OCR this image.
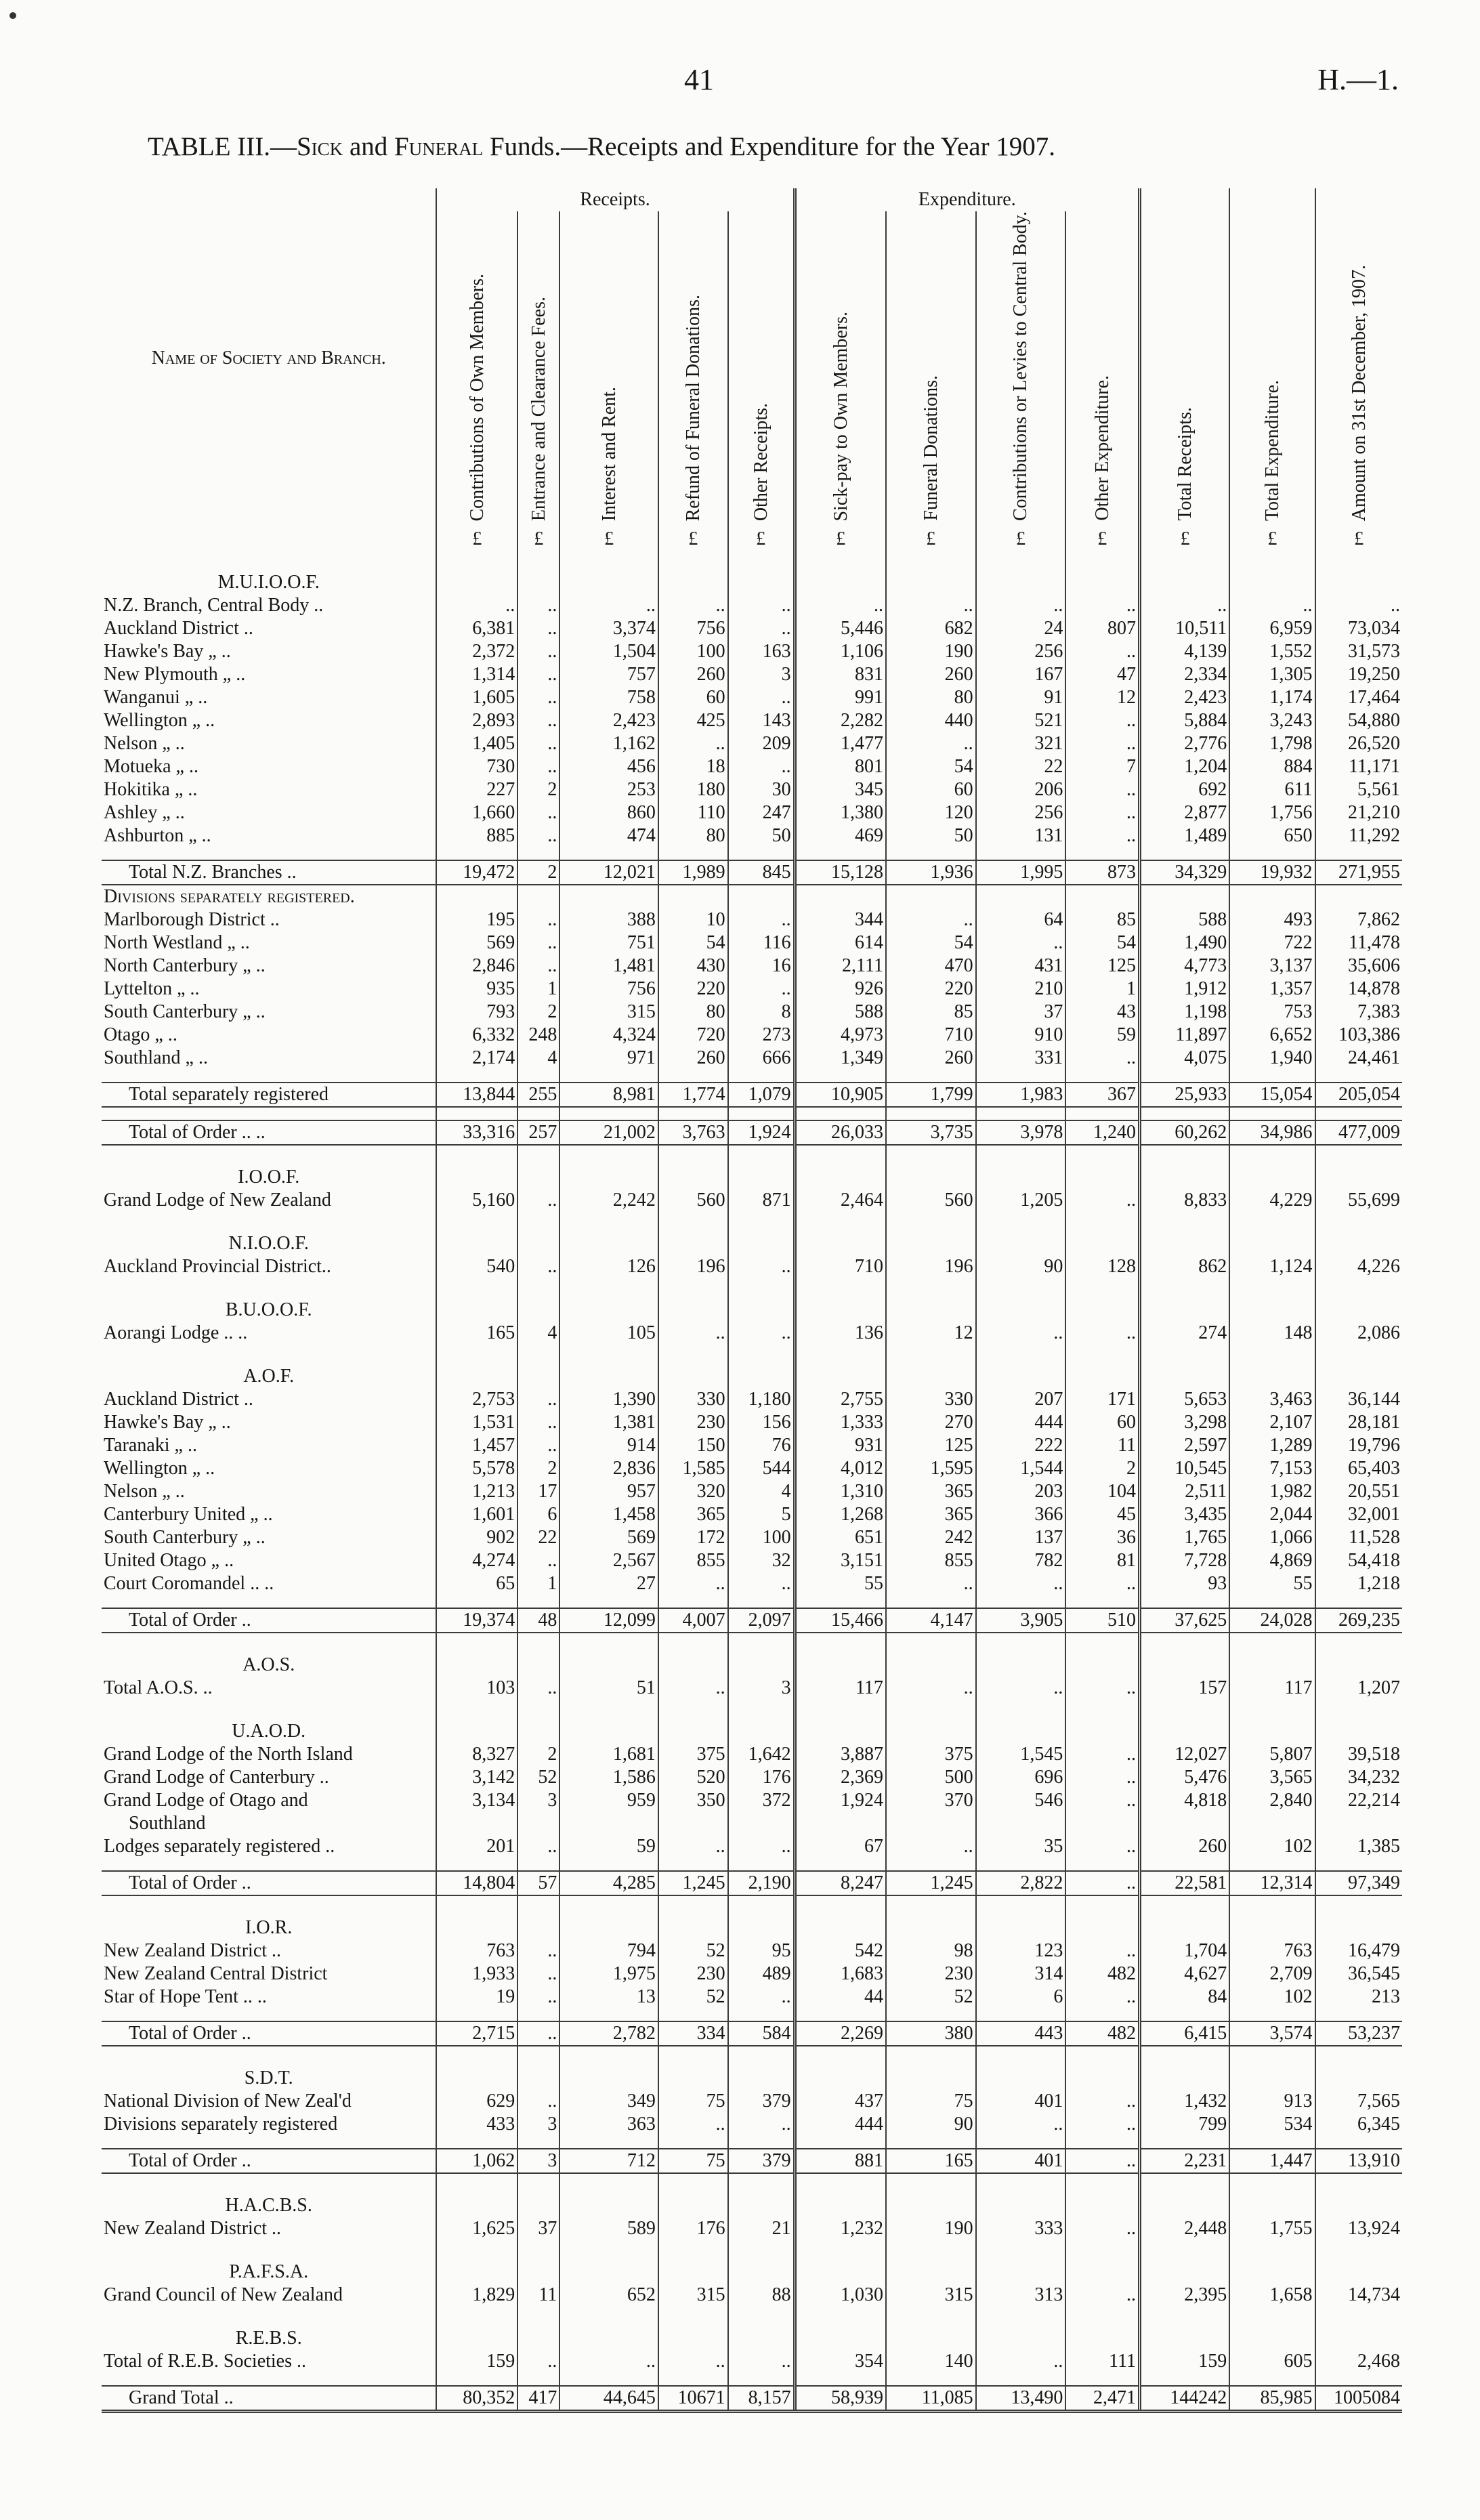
41	H.—1.
TABLE III.—Sick and Funeral Funds.—Receipts and Expenditure for the Year 1907.
Name of Society and Branch.	Receipts.					Expenditure.						

	Contributions of Own Members.	Entrance and Clearance Fees.	Interest and Rent.	Refund of Funeral Donations.	Other Receipts.	Sick-pay to Own Members.	Funeral Donations.	Contributions or Levies to Central Body.	Other Expenditure.	Total Receipts.	Total Expenditure.	Amount on 31st December, 1907.

	£	£	£	£	£	£	£	£	£	£	£	£

M.U.I.O.O.F.												
N.Z. Branch, Central Body ..	..	..	..	..	..	..	..	..	..	..	..	..
Auckland District ..	6,381	..	3,374	756	..	5,446	682	24	807	10,511	6,959	73,034
Hawke's Bay „ ..	2,372	..	1,504	100	163	1,106	190	256	..	4,139	1,552	31,573
New Plymouth „ ..	1,314	..	757	260	3	831	260	167	47	2,334	1,305	19,250
Wanganui „ ..	1,605	..	758	60	..	991	80	91	12	2,423	1,174	17,464
Wellington „ ..	2,893	..	2,423	425	143	2,282	440	521	..	5,884	3,243	54,880
Nelson „ ..	1,405	..	1,162	..	209	1,477	..	321	..	2,776	1,798	26,520
Motueka „ ..	730	..	456	18	..	801	54	22	7	1,204	884	11,171
Hokitika „ ..	227	2	253	180	30	345	60	206	..	692	611	5,561
Ashley „ ..	1,660	..	860	110	247	1,380	120	256	..	2,877	1,756	21,210
Ashburton „ ..	885	..	474	80	50	469	50	131	..	1,489	650	11,292

Total N.Z. Branches ..	19,472	2	12,021	1,989	845	15,128	1,936	1,995	873	34,329	19,932	271,955
Divisions separately registered.												
Marlborough District ..	195	..	388	10	..	344	..	64	85	588	493	7,862
North Westland „ ..	569	..	751	54	116	614	54	..	54	1,490	722	11,478
North Canterbury „ ..	2,846	..	1,481	430	16	2,111	470	431	125	4,773	3,137	35,606
Lyttelton „ ..	935	1	756	220	..	926	220	210	1	1,912	1,357	14,878
South Canterbury „ ..	793	2	315	80	8	588	85	37	43	1,198	753	7,383
Otago „ ..	6,332	248	4,324	720	273	4,973	710	910	59	11,897	6,652	103,386
Southland „ ..	2,174	4	971	260	666	1,349	260	331	..	4,075	1,940	24,461

Total separately registered	13,844	255	8,981	1,774	1,079	10,905	1,799	1,983	367	25,933	15,054	205,054

Total of Order .. ..	33,316	257	21,002	3,763	1,924	26,033	3,735	3,978	1,240	60,262	34,986	477,009

I.O.O.F.												
Grand Lodge of New Zealand	5,160	..	2,242	560	871	2,464	560	1,205	..	8,833	4,229	55,699

N.I.O.O.F.												
Auckland Provincial District..	540	..	126	196	..	710	196	90	128	862	1,124	4,226

B.U.O.O.F.												
Aorangi Lodge .. ..	165	4	105	..	..	136	12	..	..	274	148	2,086

A.O.F.												
Auckland District ..	2,753	..	1,390	330	1,180	2,755	330	207	171	5,653	3,463	36,144
Hawke's Bay „ ..	1,531	..	1,381	230	156	1,333	270	444	60	3,298	2,107	28,181
Taranaki „ ..	1,457	..	914	150	76	931	125	222	11	2,597	1,289	19,796
Wellington „ ..	5,578	2	2,836	1,585	544	4,012	1,595	1,544	2	10,545	7,153	65,403
Nelson „ ..	1,213	17	957	320	4	1,310	365	203	104	2,511	1,982	20,551
Canterbury United „ ..	1,601	6	1,458	365	5	1,268	365	366	45	3,435	2,044	32,001
South Canterbury „ ..	902	22	569	172	100	651	242	137	36	1,765	1,066	11,528
United Otago „ ..	4,274	..	2,567	855	32	3,151	855	782	81	7,728	4,869	54,418
Court Coromandel .. ..	65	1	27	..	..	55	..	..	..	93	55	1,218

Total of Order ..	19,374	48	12,099	4,007	2,097	15,466	4,147	3,905	510	37,625	24,028	269,235

A.O.S.												
Total A.O.S. ..	103	..	51	..	3	117	..	..	..	157	117	1,207

U.A.O.D.												
Grand Lodge of the North Island	8,327	2	1,681	375	1,642	3,887	375	1,545	..	12,027	5,807	39,518
Grand Lodge of Canterbury ..	3,142	52	1,586	520	176	2,369	500	696	..	5,476	3,565	34,232
Grand Lodge of Otago and	3,134	3	959	350	372	1,924	370	546	..	4,818	2,840	22,214
Southland												
Lodges separately registered ..	201	..	59	..	..	67	..	35	..	260	102	1,385

Total of Order ..	14,804	57	4,285	1,245	2,190	8,247	1,245	2,822	..	22,581	12,314	97,349

I.O.R.												
New Zealand District ..	763	..	794	52	95	542	98	123	..	1,704	763	16,479
New Zealand Central District	1,933	..	1,975	230	489	1,683	230	314	482	4,627	2,709	36,545
Star of Hope Tent .. ..	19	..	13	52	..	44	52	6	..	84	102	213

Total of Order ..	2,715	..	2,782	334	584	2,269	380	443	482	6,415	3,574	53,237

S.D.T.												
National Division of New Zeal'd	629	..	349	75	379	437	75	401	..	1,432	913	7,565
Divisions separately registered	433	3	363	..	..	444	90	..	..	799	534	6,345

Total of Order ..	1,062	3	712	75	379	881	165	401	..	2,231	1,447	13,910

H.A.C.B.S.												
New Zealand District ..	1,625	37	589	176	21	1,232	190	333	..	2,448	1,755	13,924

P.A.F.S.A.												
Grand Council of New Zealand	1,829	11	652	315	88	1,030	315	313	..	2,395	1,658	14,734

R.E.B.S.												
Total of R.E.B. Societies ..	159	..	..	..	..	354	140	..	111	159	605	2,468

Grand Total ..	80,352	417	44,645	10671	8,157	58,939	11,085	13,490	2,471	144242	85,985	1005084
